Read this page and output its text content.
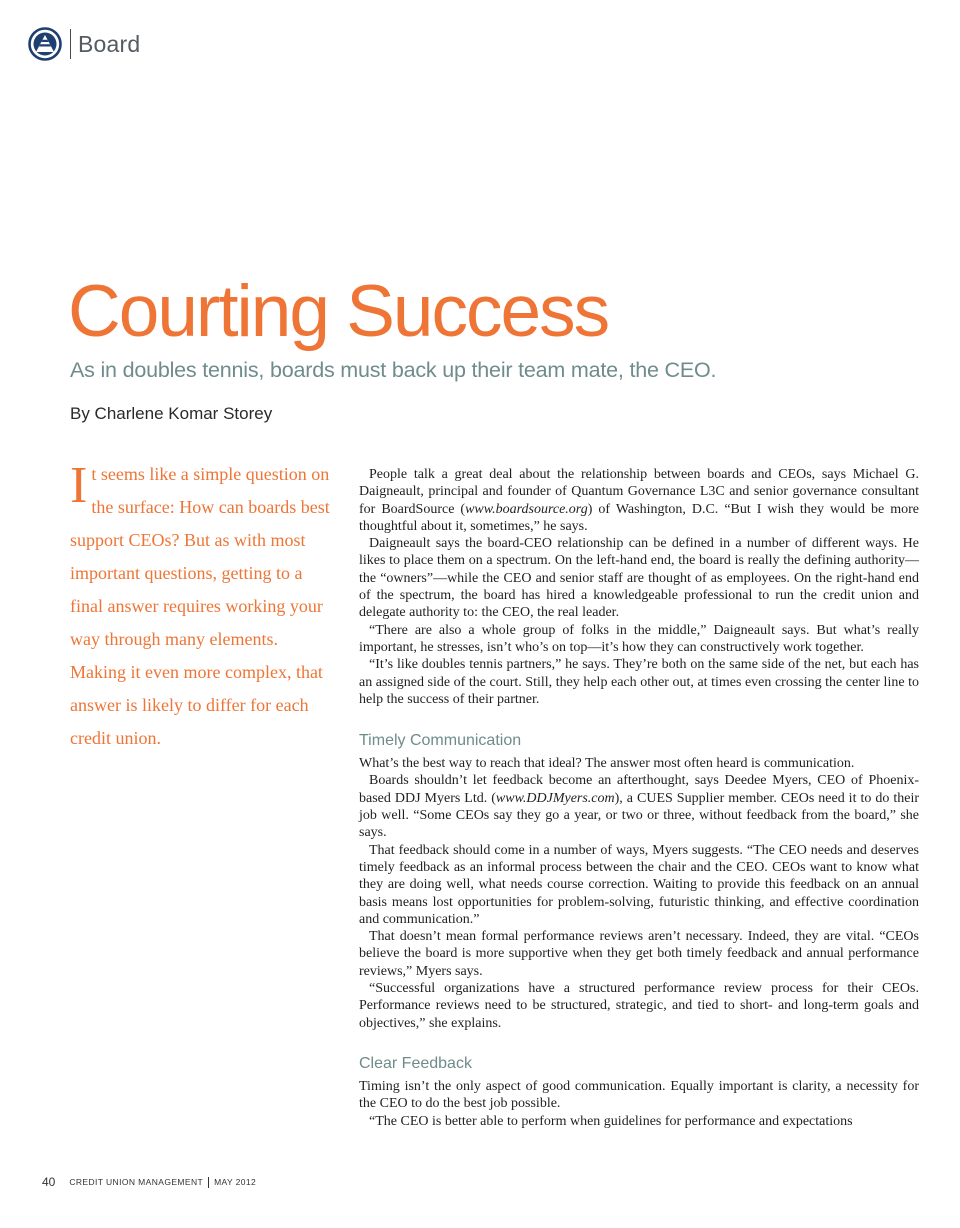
Board
Courting Success
As in doubles tennis, boards must back up their team mate, the CEO.

By Charlene Komar Storey

It seems like a simple question on the surface: How can boards best support CEOs? But as with most important questions, getting to a final answer requires working your way through many elements. Making it even more complex, that answer is likely to differ for each credit union.

People talk a great deal about the relationship between boards and CEOs, says Michael G. Daigneault, principal and founder of Quantum Governance L3C and senior governance consultant for BoardSource (www.boardsource.org) of Washington, D.C. “But I wish they would be more thoughtful about it, sometimes,” he says.

Daigneault says the board-CEO relationship can be defined in a number of different ways. He likes to place them on a spectrum. On the left-hand end, the board is really the defining authority—the “owners”—while the CEO and senior staff are thought of as employees. On the right-hand end of the spectrum, the board has hired a knowledgeable professional to run the credit union and delegate authority to: the CEO, the real leader.

“There are also a whole group of folks in the middle,” Daigneault says. But what’s really important, he stresses, isn’t who’s on top—it’s how they can constructively work together.

“It’s like doubles tennis partners,” he says. They’re both on the same side of the net, but each has an assigned side of the court. Still, they help each other out, at times even crossing the center line to help the success of their partner.

Timely Communication

What’s the best way to reach that ideal? The answer most often heard is communication.

Boards shouldn’t let feedback become an afterthought, says Deedee Myers, CEO of Phoenix-based DDJ Myers Ltd. (www.DDJMyers.com), a CUES Supplier member. CEOs need it to do their job well. “Some CEOs say they go a year, or two or three, without feedback from the board,” she says.

That feedback should come in a number of ways, Myers suggests. “The CEO needs and deserves timely feedback as an informal process between the chair and the CEO. CEOs want to know what they are doing well, what needs course correction. Waiting to provide this feedback on an annual basis means lost opportunities for problem-solving, futuristic thinking, and effective coordination and communication.”

That doesn’t mean formal performance reviews aren’t necessary. Indeed, they are vital. “CEOs believe the board is more supportive when they get both timely feedback and annual performance reviews,” Myers says.

“Successful organizations have a structured performance review process for their CEOs. Performance reviews need to be structured, strategic, and tied to short- and long-term goals and objectives,” she explains.

Clear Feedback

Timing isn’t the only aspect of good communication. Equally important is clarity, a necessity for the CEO to do the best job possible.

“The CEO is better able to perform when guidelines for performance and expectations

40 CREDIT UNION MANAGEMENT MAY 2012
